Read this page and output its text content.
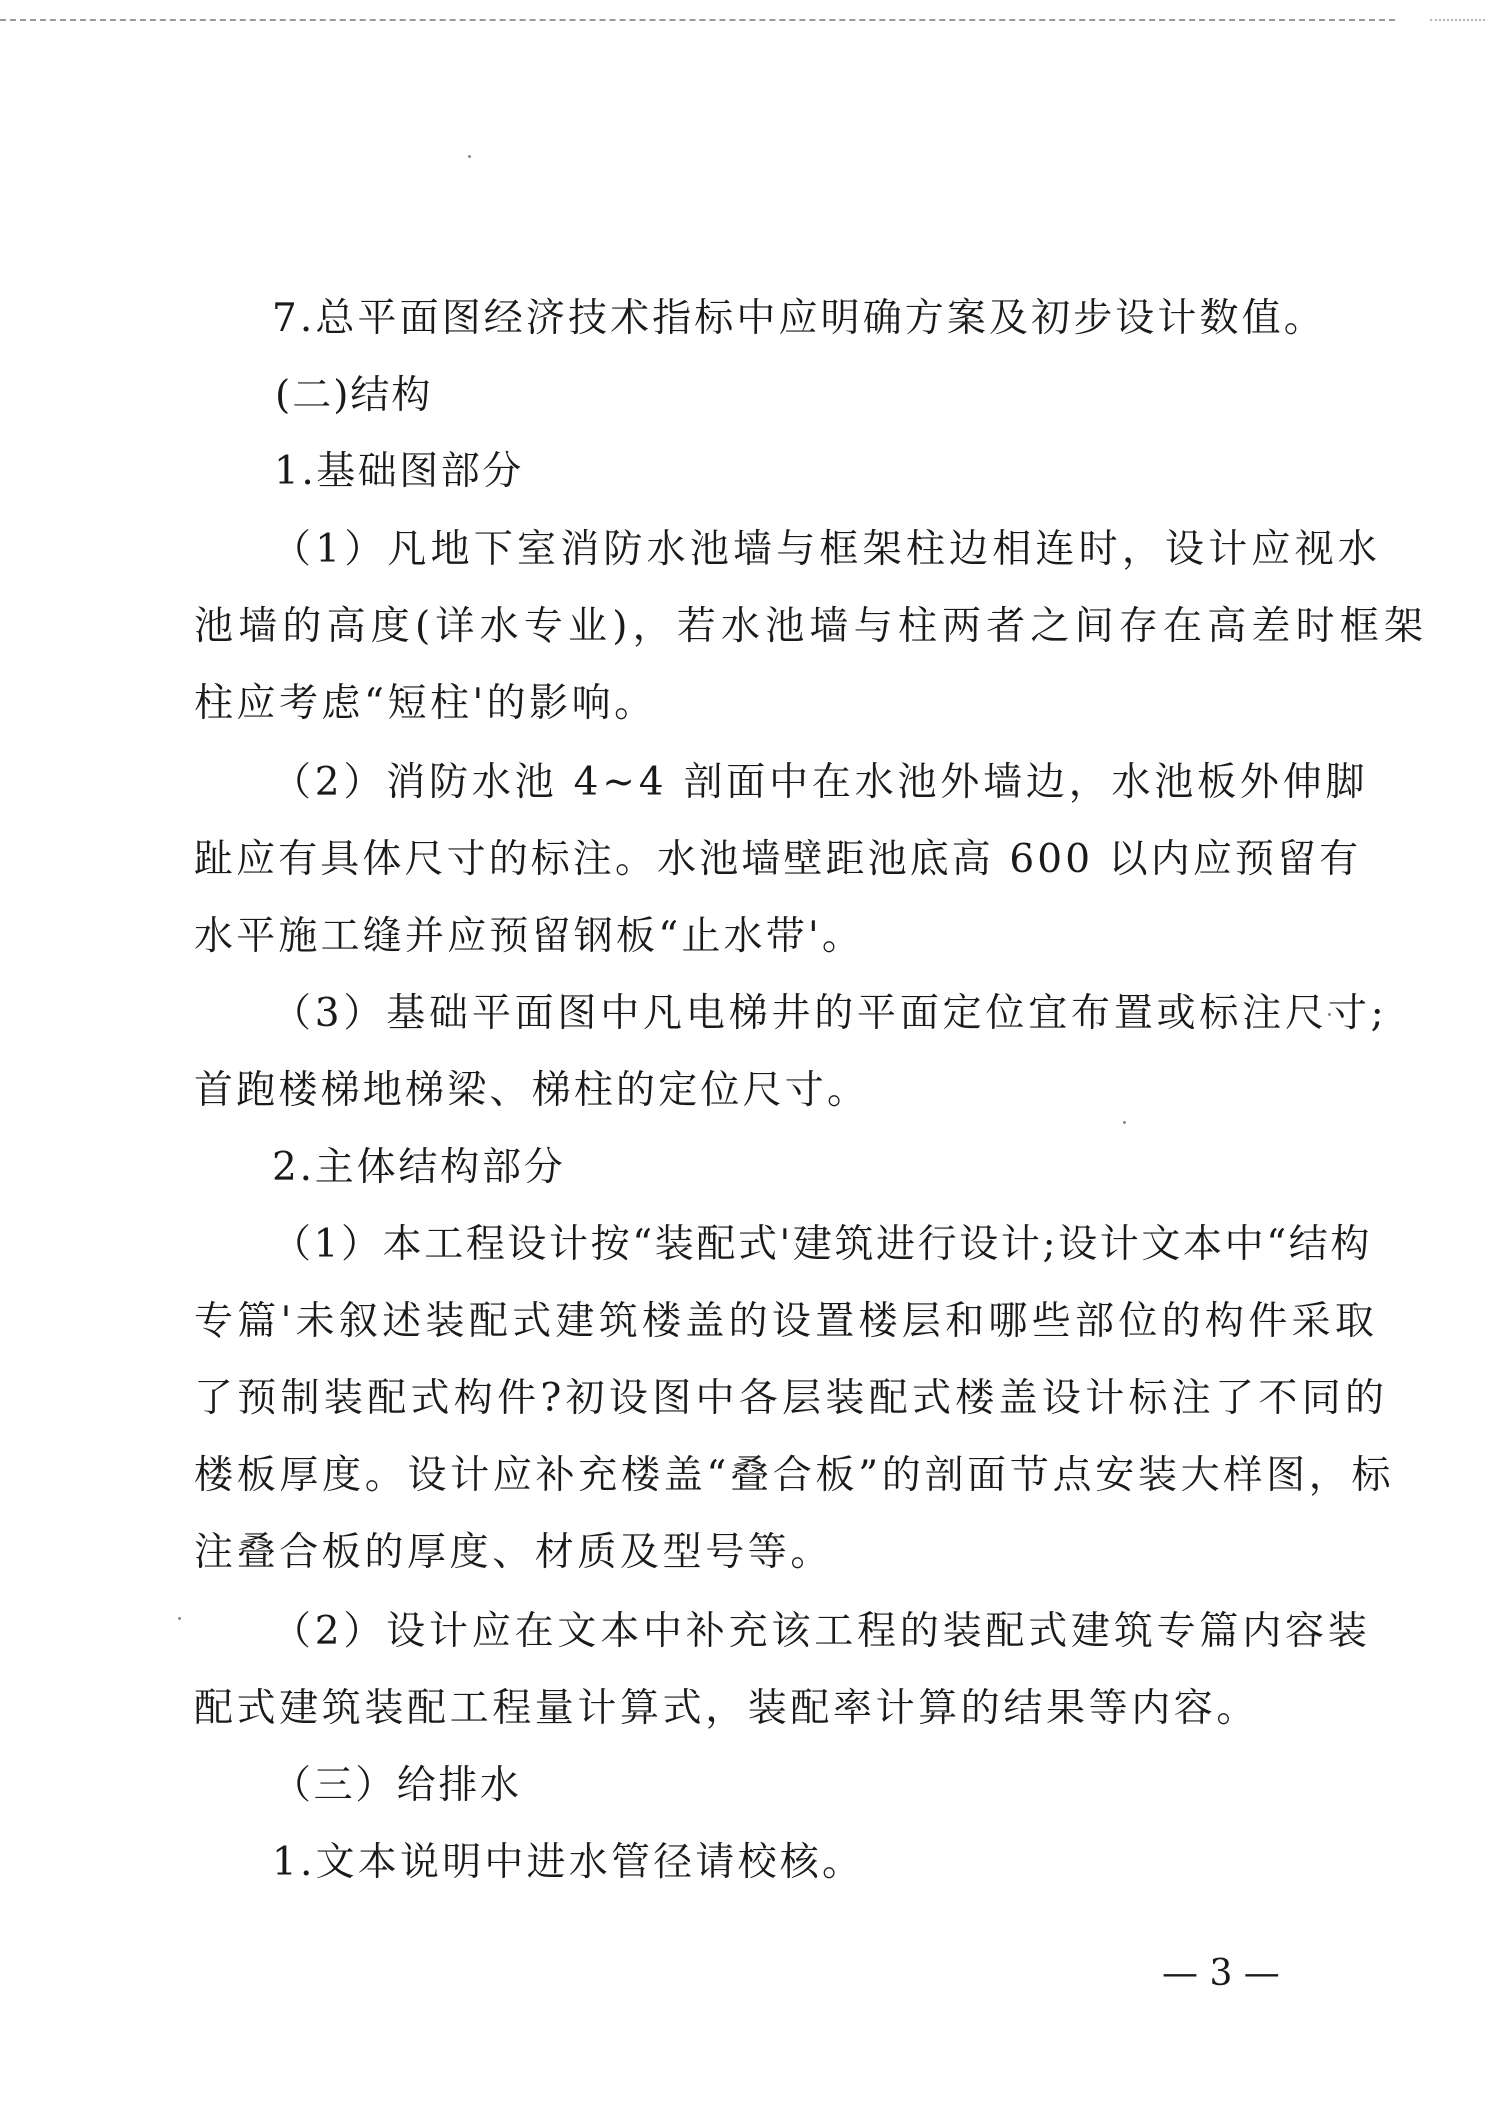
7.总平面图经济技术指标中应明确方案及初步设计数值。
(二)结构
1.基础图部分
（1）凡地下室消防水池墙与框架柱边相连时，设计应视水
池墙的高度(详水专业)，若水池墙与柱两者之间存在高差时框架
柱应考虑“短柱'的影响。
（2）消防水池 4~4 剖面中在水池外墙边，水池板外伸脚
趾应有具体尺寸的标注。水池墙壁距池底高 600 以内应预留有
水平施工缝并应预留钢板“止水带'。
（3）基础平面图中凡电梯井的平面定位宜布置或标注尺寸;
首跑楼梯地梯梁、梯柱的定位尺寸。
2.主体结构部分
（1）本工程设计按“装配式'建筑进行设计;设计文本中“结构
专篇'未叙述装配式建筑楼盖的设置楼层和哪些部位的构件采取
了预制装配式构件?初设图中各层装配式楼盖设计标注了不同的
楼板厚度。设计应补充楼盖“叠合板”的剖面节点安装大样图，标
注叠合板的厚度、材质及型号等。
（2）设计应在文本中补充该工程的装配式建筑专篇内容装
配式建筑装配工程量计算式，装配率计算的结果等内容。
（三）给排水
1.文本说明中进水管径请校核。
— 3 —
